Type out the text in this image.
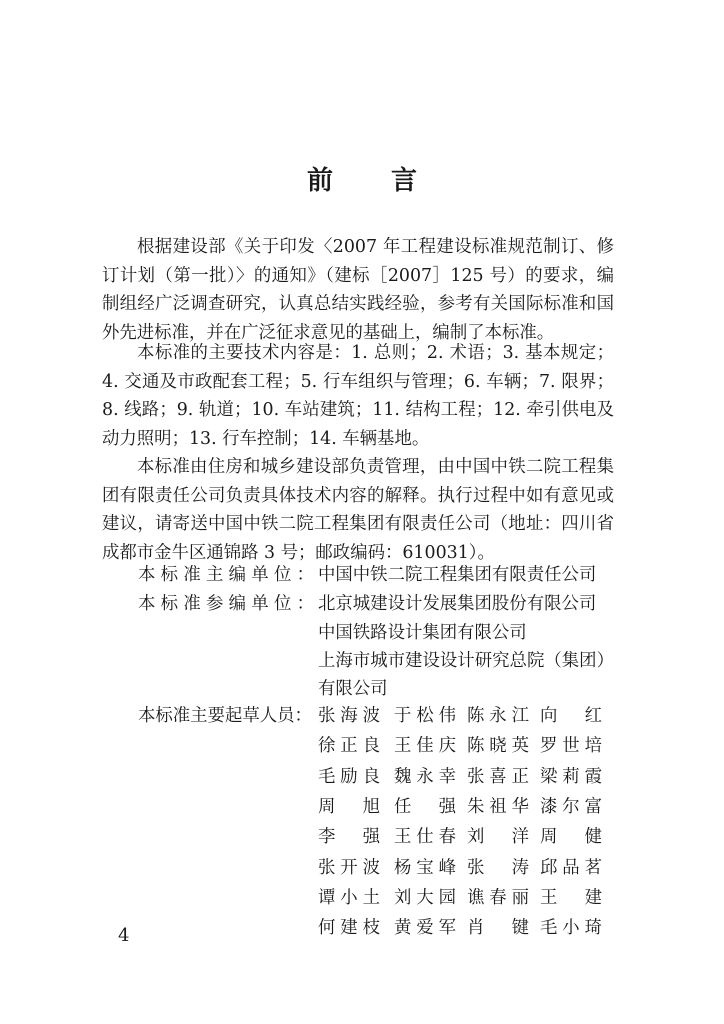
前 言
根据建设部《关于印发〈2007 年工程建设标准规范制订、修订计划（第一批）〉的通知》（建标［2007］125 号）的要求，编制组经广泛调查研究，认真总结实践经验，参考有关国际标准和国外先进标准，并在广泛征求意见的基础上，编制了本标准。
本标准的主要技术内容是：1. 总则；2. 术语；3. 基本规定；4. 交通及市政配套工程；5. 行车组织与管理；6. 车辆；7. 限界；8. 线路；9. 轨道；10. 车站建筑；11. 结构工程；12. 牵引供电及动力照明；13. 行车控制；14. 车辆基地。
本标准由住房和城乡建设部负责管理，由中国中铁二院工程集团有限责任公司负责具体技术内容的解释。执行过程中如有意见或建议，请寄送中国中铁二院工程集团有限责任公司（地址：四川省成都市金牛区通锦路 3 号；邮政编码：610031）。
本标准主编单位： 中国中铁二院工程集团有限责任公司
本标准参编单位： 北京城建设计发展集团股份有限公司
中国铁路设计集团有限公司
上海市城市建设设计研究总院（集团）有限公司
本标准主要起草人员： 张海波 于松伟 陈永江 向　红
徐正良 王佳庆 陈晓英 罗世培
毛励良 魏永幸 张喜正 梁莉霞
周　旭 任　强 朱祖华 漆尔富
李　强 王仕春 刘　洋 周　健
张开波 杨宝峰 张　涛 邱品茗
谭小土 刘大园 谯春丽 王　建
何建枝 黄爱军 肖　键 毛小琦
4
